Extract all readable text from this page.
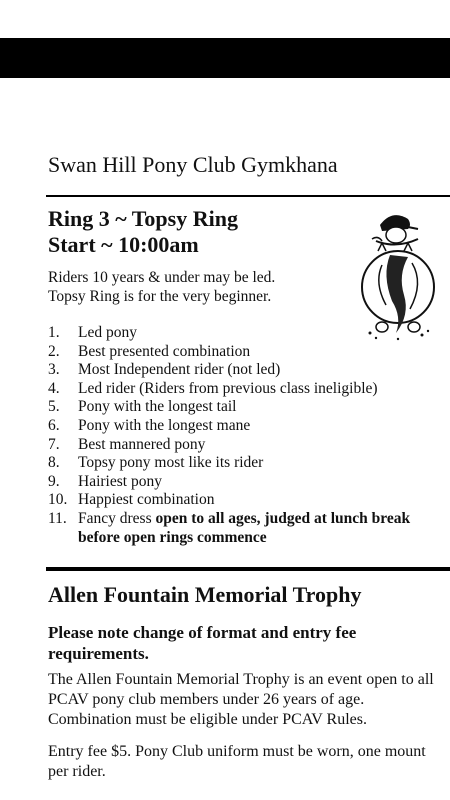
Swan Hill Pony Club Gymkhana
Ring 3 ~ Topsy Ring
Start ~ 10:00am
Riders 10 years & under may be led.
Topsy Ring is for the very beginner.
1.	Led pony
2.	Best presented combination
3.	Most Independent rider (not led)
4.	Led rider (Riders from previous class ineligible)
5.	Pony with the longest tail
6.	Pony with the longest mane
7.	Best mannered pony
8.	Topsy pony most like its rider
9.	Hairiest pony
10. Happiest combination
11. Fancy dress open to all ages, judged at lunch break before open rings commence
Allen Fountain Memorial Trophy

Please note change of format and entry fee requirements.

The Allen Fountain Memorial Trophy is an event open to all PCAV pony club members under 26 years of age. Combination must be eligible under PCAV Rules.

Entry fee $5. Pony Club uniform must be worn, one mount per rider.
